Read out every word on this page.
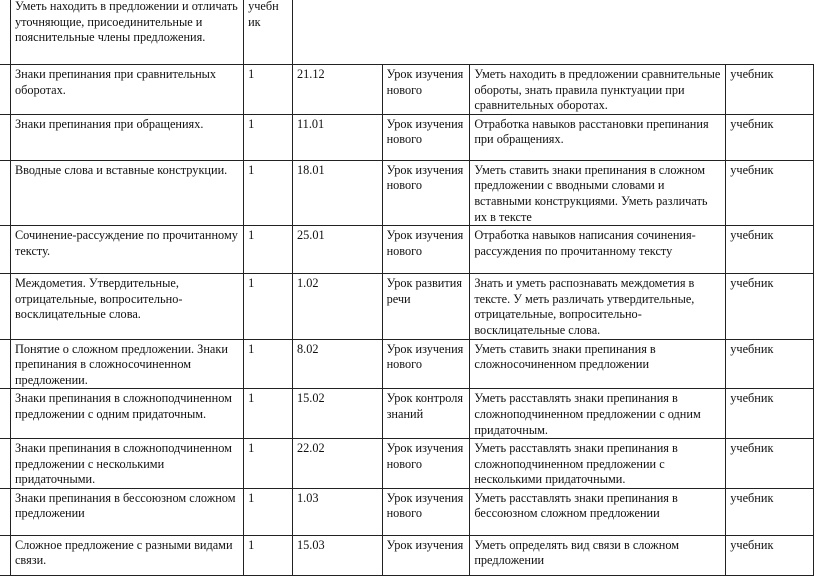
	Уметь находить в предложении и отличать уточняющие, присоединительные и пояснительные члены предложения.	учебн ик				
	Знаки препинания при сравнительных оборотах.	1	21.12	Урок изучения нового	Уметь находить в предложении сравнительные обороты, знать правила пунктуации при сравнительных оборотах.	учебник
	Знаки препинания при обращениях.	1	11.01	Урок изучения нового	Отработка навыков расстановки препинания при обращениях.	учебник
	Вводные слова и вставные конструкции.	1	18.01	Урок изучения нового	Уметь ставить знаки препинания в сложном предложении с вводными словами и вставными конструкциями. Уметь различать их в тексте	учебник
	Сочинение-рассуждение по прочитанному тексту.	1	25.01	Урок изучения нового	Отработка навыков написания сочинения-рассуждения по прочитанному тексту	учебник
	Междометия. Утвердительные, отрицательные, вопросительно-восклицательные слова.	1	1.02	Урок развития речи	Знать и уметь распознавать междометия в тексте. У меть различать утвердительные, отрицательные, вопросительно-восклицательные слова.	учебник
	Понятие о сложном предложении. Знаки препинания в сложносочиненном предложении.	1	8.02	Урок изучения нового	Уметь ставить знаки препинания в сложносочиненном предложении	учебник
	Знаки препинания в сложноподчиненном предложении с одним придаточным.	1	15.02	Урок контроля знаний	Уметь расставлять знаки препинания в сложноподчиненном предложении с одним придаточным.	учебник
	Знаки препинания в сложноподчиненном предложении с несколькими придаточными.	1	22.02	Урок изучения нового	Уметь расставлять знаки препинания в сложноподчиненном предложении с несколькими придаточными.	учебник
	Знаки препинания в бессоюзном сложном предложении	1	1.03	Урок изучения нового	Уметь расставлять знаки препинания в бессоюзном сложном предложении	учебник
	Сложное предложение с разными видами связи.	1	15.03	Урок изучения	Уметь определять вид связи в сложном предложении	учебник
